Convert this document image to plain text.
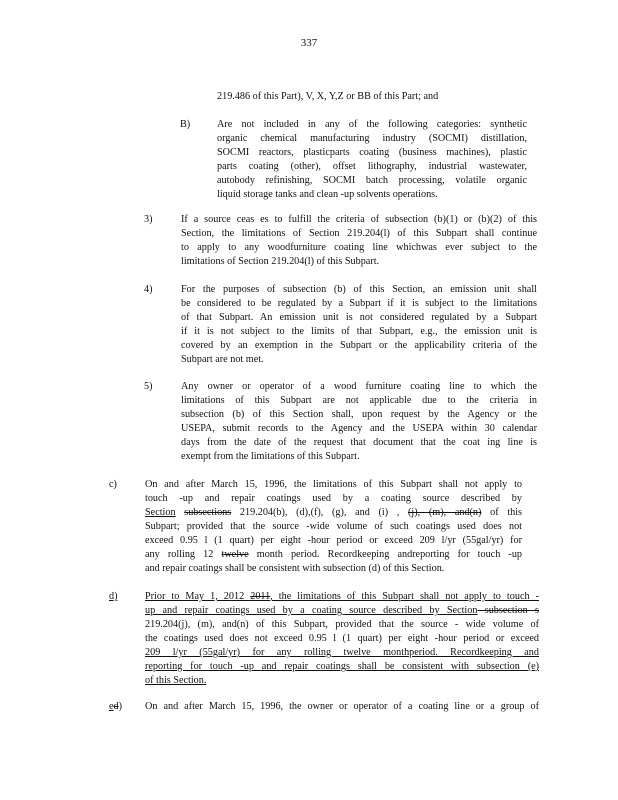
337
219.486 of this Part), V, X, Y,Z or BB of this Part; and
B)	Are not included in any of the following categories: synthetic
organic chemical manufacturing industry (SOCMI) distillation,
SOCMI reactors, plasticparts coating (business machines), plastic
parts coating (other), offset lithography, industrial wastewater,
autobody refinishing, SOCMI batch processing, volatile organic
liquid storage tanks and clean -up solvents operations.
3)	If a source ceas es to fulfill the criteria of subsection (b)(1) or (b)(2) of this
Section, the limitations of Section 219.204(l) of this Subpart shall continue
to apply to any woodfurniture coating line whichwas ever subject to the
limitations of Section 219.204(l) of this Subpart.
4)	For the purposes of subsection (b) of this Section, an emission unit shall
be considered to be regulated by a Subpart if it is subject to the limitations
of that Subpart. An emission unit is not considered regulated by a Subpart
if it is not subject to the limits of that Subpart, e.g., the emission unit is
covered by an exemption in the Subpart or the applicability criteria of the
Subpart are not met.
5)	Any owner or operator of a wood furniture coating line to which the
limitations of this Subpart are not applicable due to the criteria in
subsection (b) of this Section shall, upon request by the Agency or the
USEPA, submit records to the Agency and the USEPA within 30 calendar
days from the date of the request that document that the coat ing line is
exempt from the limitations of this Subpart.
c)	On and after March 15, 1996, the limitations of this Subpart shall not apply to
touch -up and repair coatings used by a coating source described by
Section subsections 219.204(b), (d),(f), (g), and (i) , (j), (m), and(n) of this
Subpart; provided that the source -wide volume of such coatings used does not
exceed 0.95 l (1 quart) per eight -hour period or exceed 209 l/yr (55gal/yr) for
any rolling 12 twelve month period. Recordkeeping andreporting for touch -up
and repair coatings shall be consistent with subsection (d) of this Section.
d)	Prior to May 1, 2012 2011, the limitations of this Subpart shall not apply to touch -
up and repair coatings used by a coating source described by Section subsection s
219.204(j), (m), and(n) of this Subpart, provided that the source - wide volume of
the coatings used does not exceed 0.95 l (1 quart) per eight -hour period or exceed
209 l/yr (55gal/yr) for any rolling twelve monthperiod. Recordkeeping and
reporting for touch -up and repair coatings shall be consistent with subsection (e)
of this Section.
ed) On and after March 15, 1996, the owner or operator of a coating line or a group of
